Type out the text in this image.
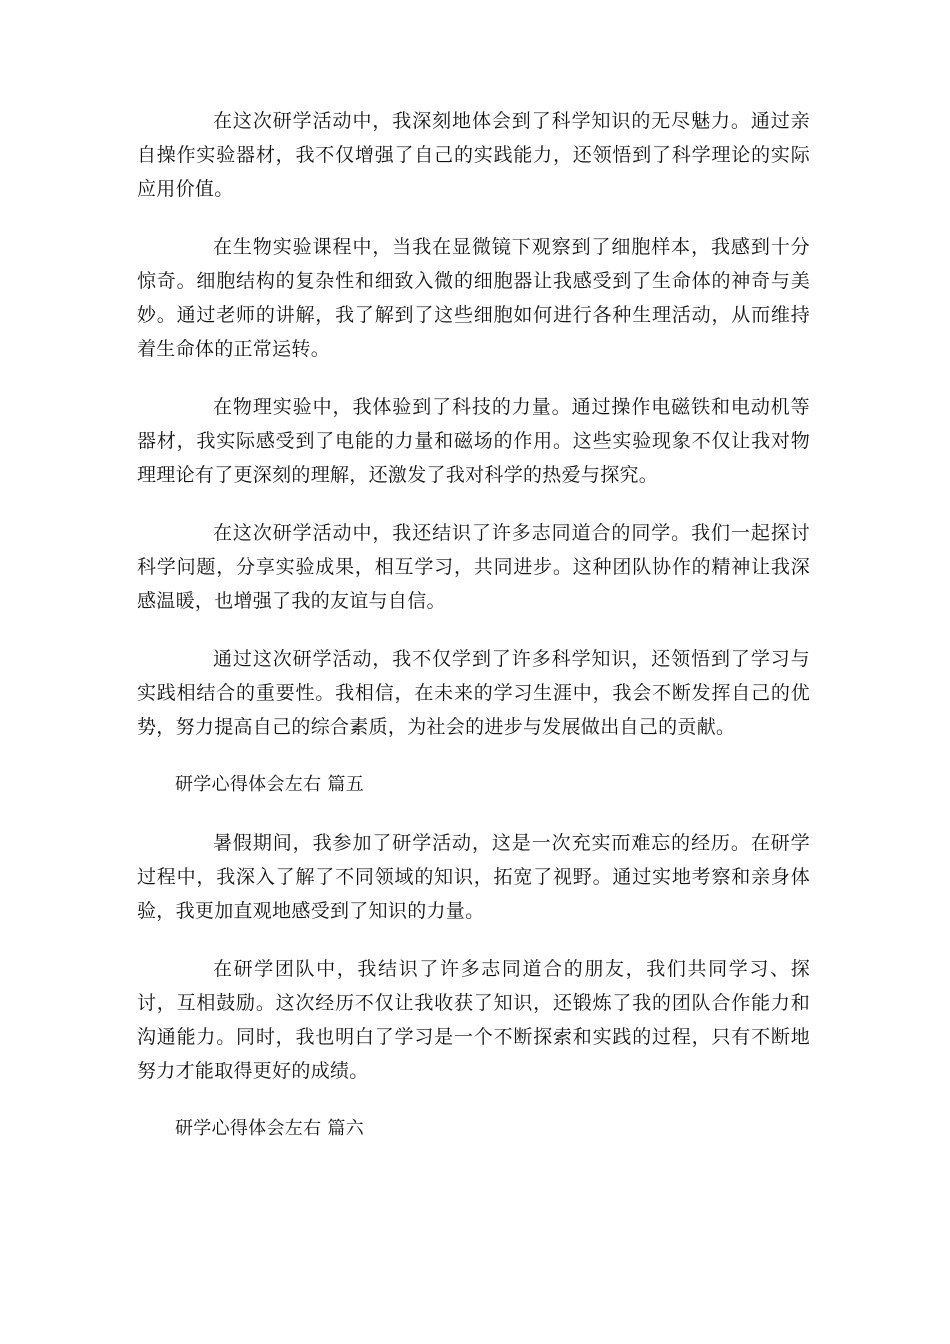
在这次研学活动中，我深刻地体会到了科学知识的无尽魅力。通过亲自操作实验器材，我不仅增强了自己的实践能力，还领悟到了科学理论的实际应用价值。

在生物实验课程中，当我在显微镜下观察到了细胞样本，我感到十分惊奇。细胞结构的复杂性和细致入微的细胞器让我感受到了生命体的神奇与美妙。通过老师的讲解，我了解到了这些细胞如何进行各种生理活动，从而维持着生命体的正常运转。

在物理实验中，我体验到了科技的力量。通过操作电磁铁和电动机等器材，我实际感受到了电能的力量和磁场的作用。这些实验现象不仅让我对物理理论有了更深刻的理解，还激发了我对科学的热爱与探究。

在这次研学活动中，我还结识了许多志同道合的同学。我们一起探讨科学问题，分享实验成果，相互学习，共同进步。这种团队协作的精神让我深感温暖，也增强了我的友谊与自信。

通过这次研学活动，我不仅学到了许多科学知识，还领悟到了学习与实践相结合的重要性。我相信，在未来的学习生涯中，我会不断发挥自己的优势，努力提高自己的综合素质，为社会的进步与发展做出自己的贡献。

研学心得体会左右 篇五

暑假期间，我参加了研学活动，这是一次充实而难忘的经历。在研学过程中，我深入了解了不同领域的知识，拓宽了视野。通过实地考察和亲身体验，我更加直观地感受到了知识的力量。

在研学团队中，我结识了许多志同道合的朋友，我们共同学习、探讨，互相鼓励。这次经历不仅让我收获了知识，还锻炼了我的团队合作能力和沟通能力。同时，我也明白了学习是一个不断探索和实践的过程，只有不断地努力才能取得更好的成绩。

研学心得体会左右 篇六
